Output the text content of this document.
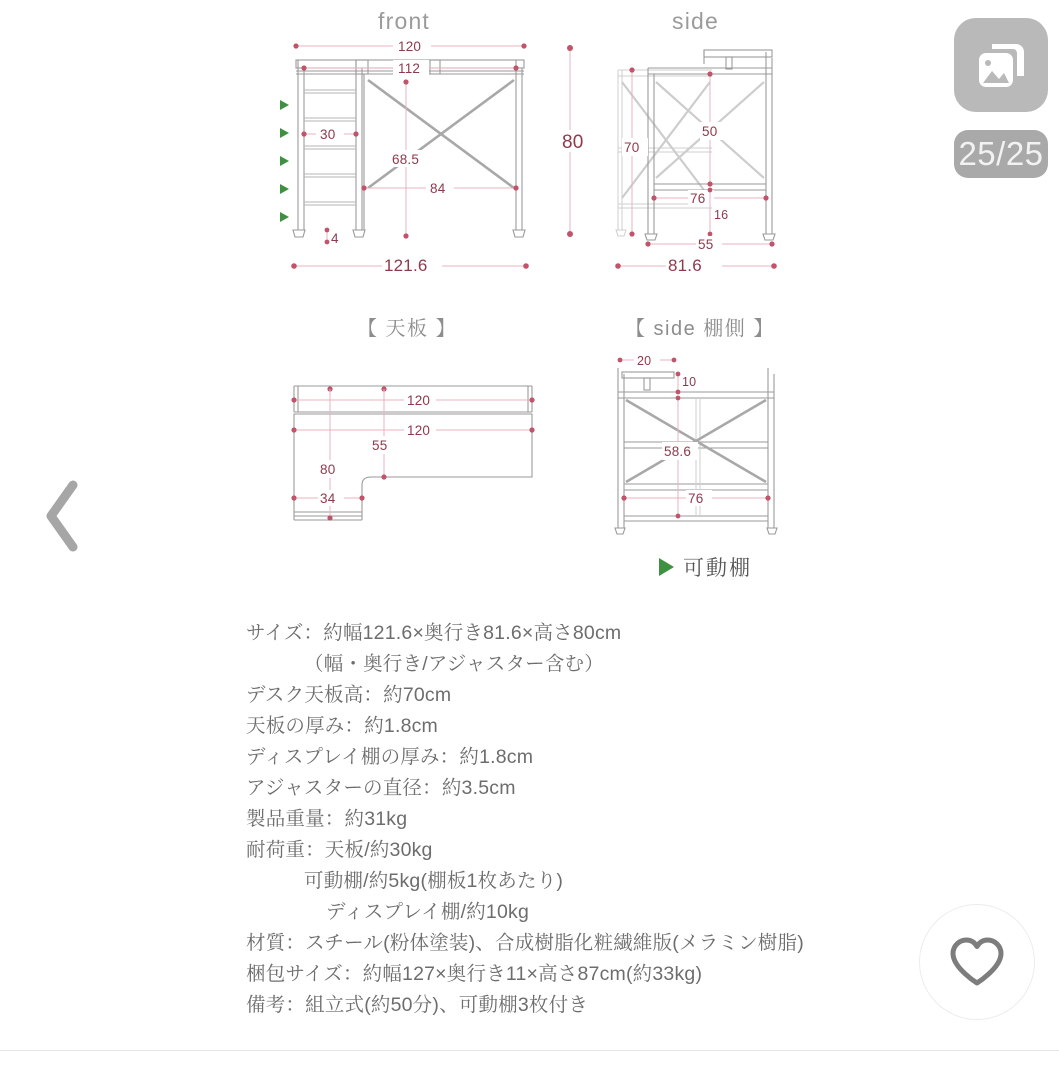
front
120
112
30
68.5
84
4
121.6
side
80	70
50
76
16
55
81.6
【 天板 】
120
120
55
80
34
【 side 棚側 】
20
10
58.6
76
可動棚
サイズ：約幅121.6×奥行き81.6×高さ80cm
（幅・奥行き/アジャスター含む）
デスク天板高：約70cm
天板の厚み：約1.8cm
ディスプレイ棚の厚み：約1.8cm
アジャスターの直径：約3.5cm
製品重量：約31kg
耐荷重：天板/約30kg
可動棚/約5kg(棚板1枚あたり)
ディスプレイ棚/約10kg
材質：スチール(粉体塗装)、合成樹脂化粧繊維版(メラミン樹脂)
梱包サイズ：約幅127×奥行き11×高さ87cm(約33kg)
備考：組立式(約50分)、可動棚3枚付き
25/25
